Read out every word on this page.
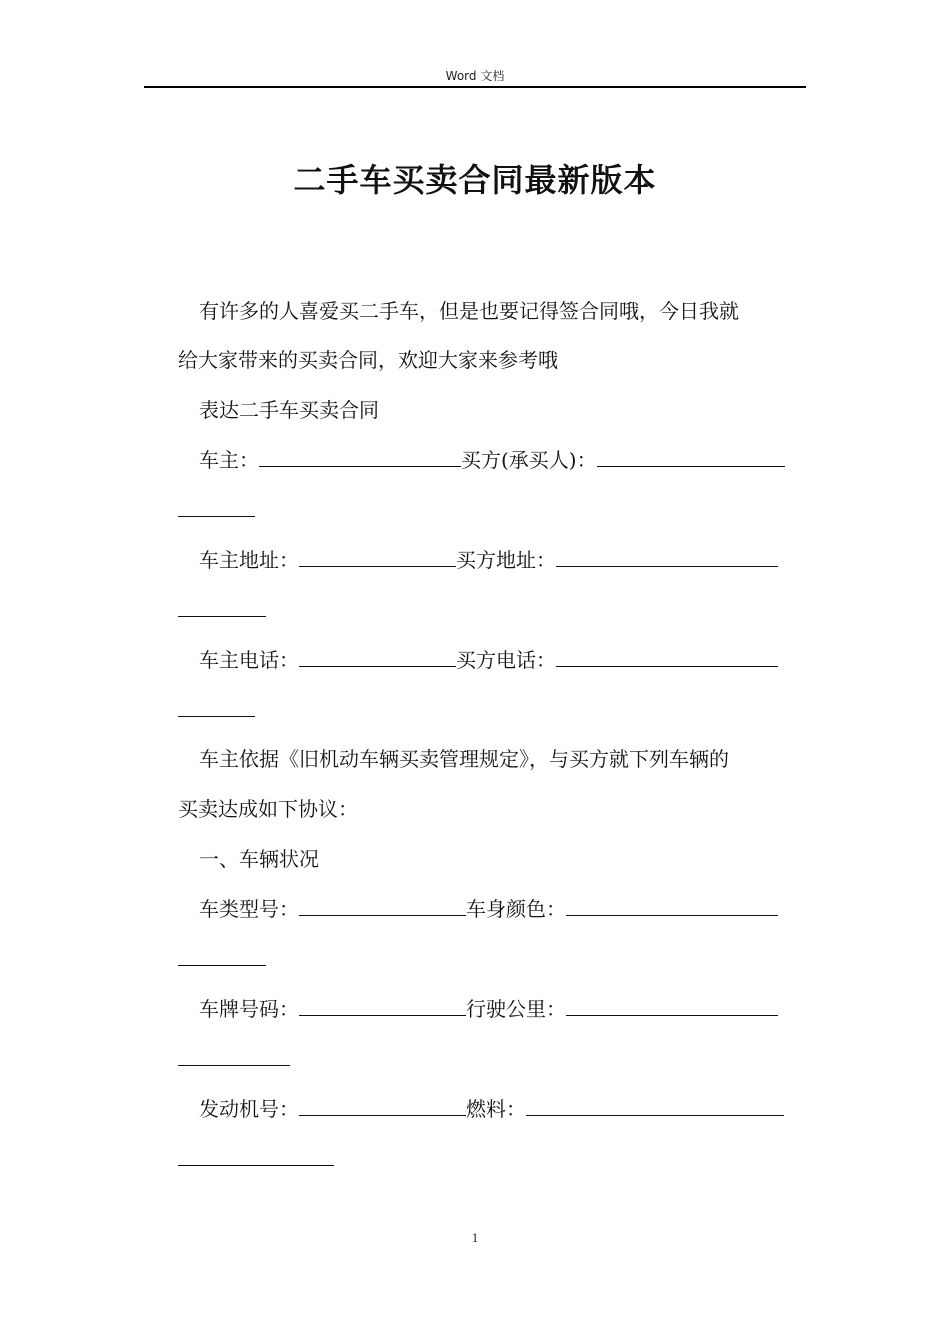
Word 文档
二手车买卖合同最新版本
有许多的人喜爱买二手车，但是也要记得签合同哦，今日我就
给大家带来的买卖合同，欢迎大家来参考哦
表达二手车买卖合同
车主：	买方(承买人)：
车主地址：	买方地址：
车主电话：	买方电话：
车主依据《旧机动车辆买卖管理规定》，与买方就下列车辆的
买卖达成如下协议：
一、车辆状况
车类型号：	车身颜色：
车牌号码：	行驶公里：
发动机号：	燃料：
1
